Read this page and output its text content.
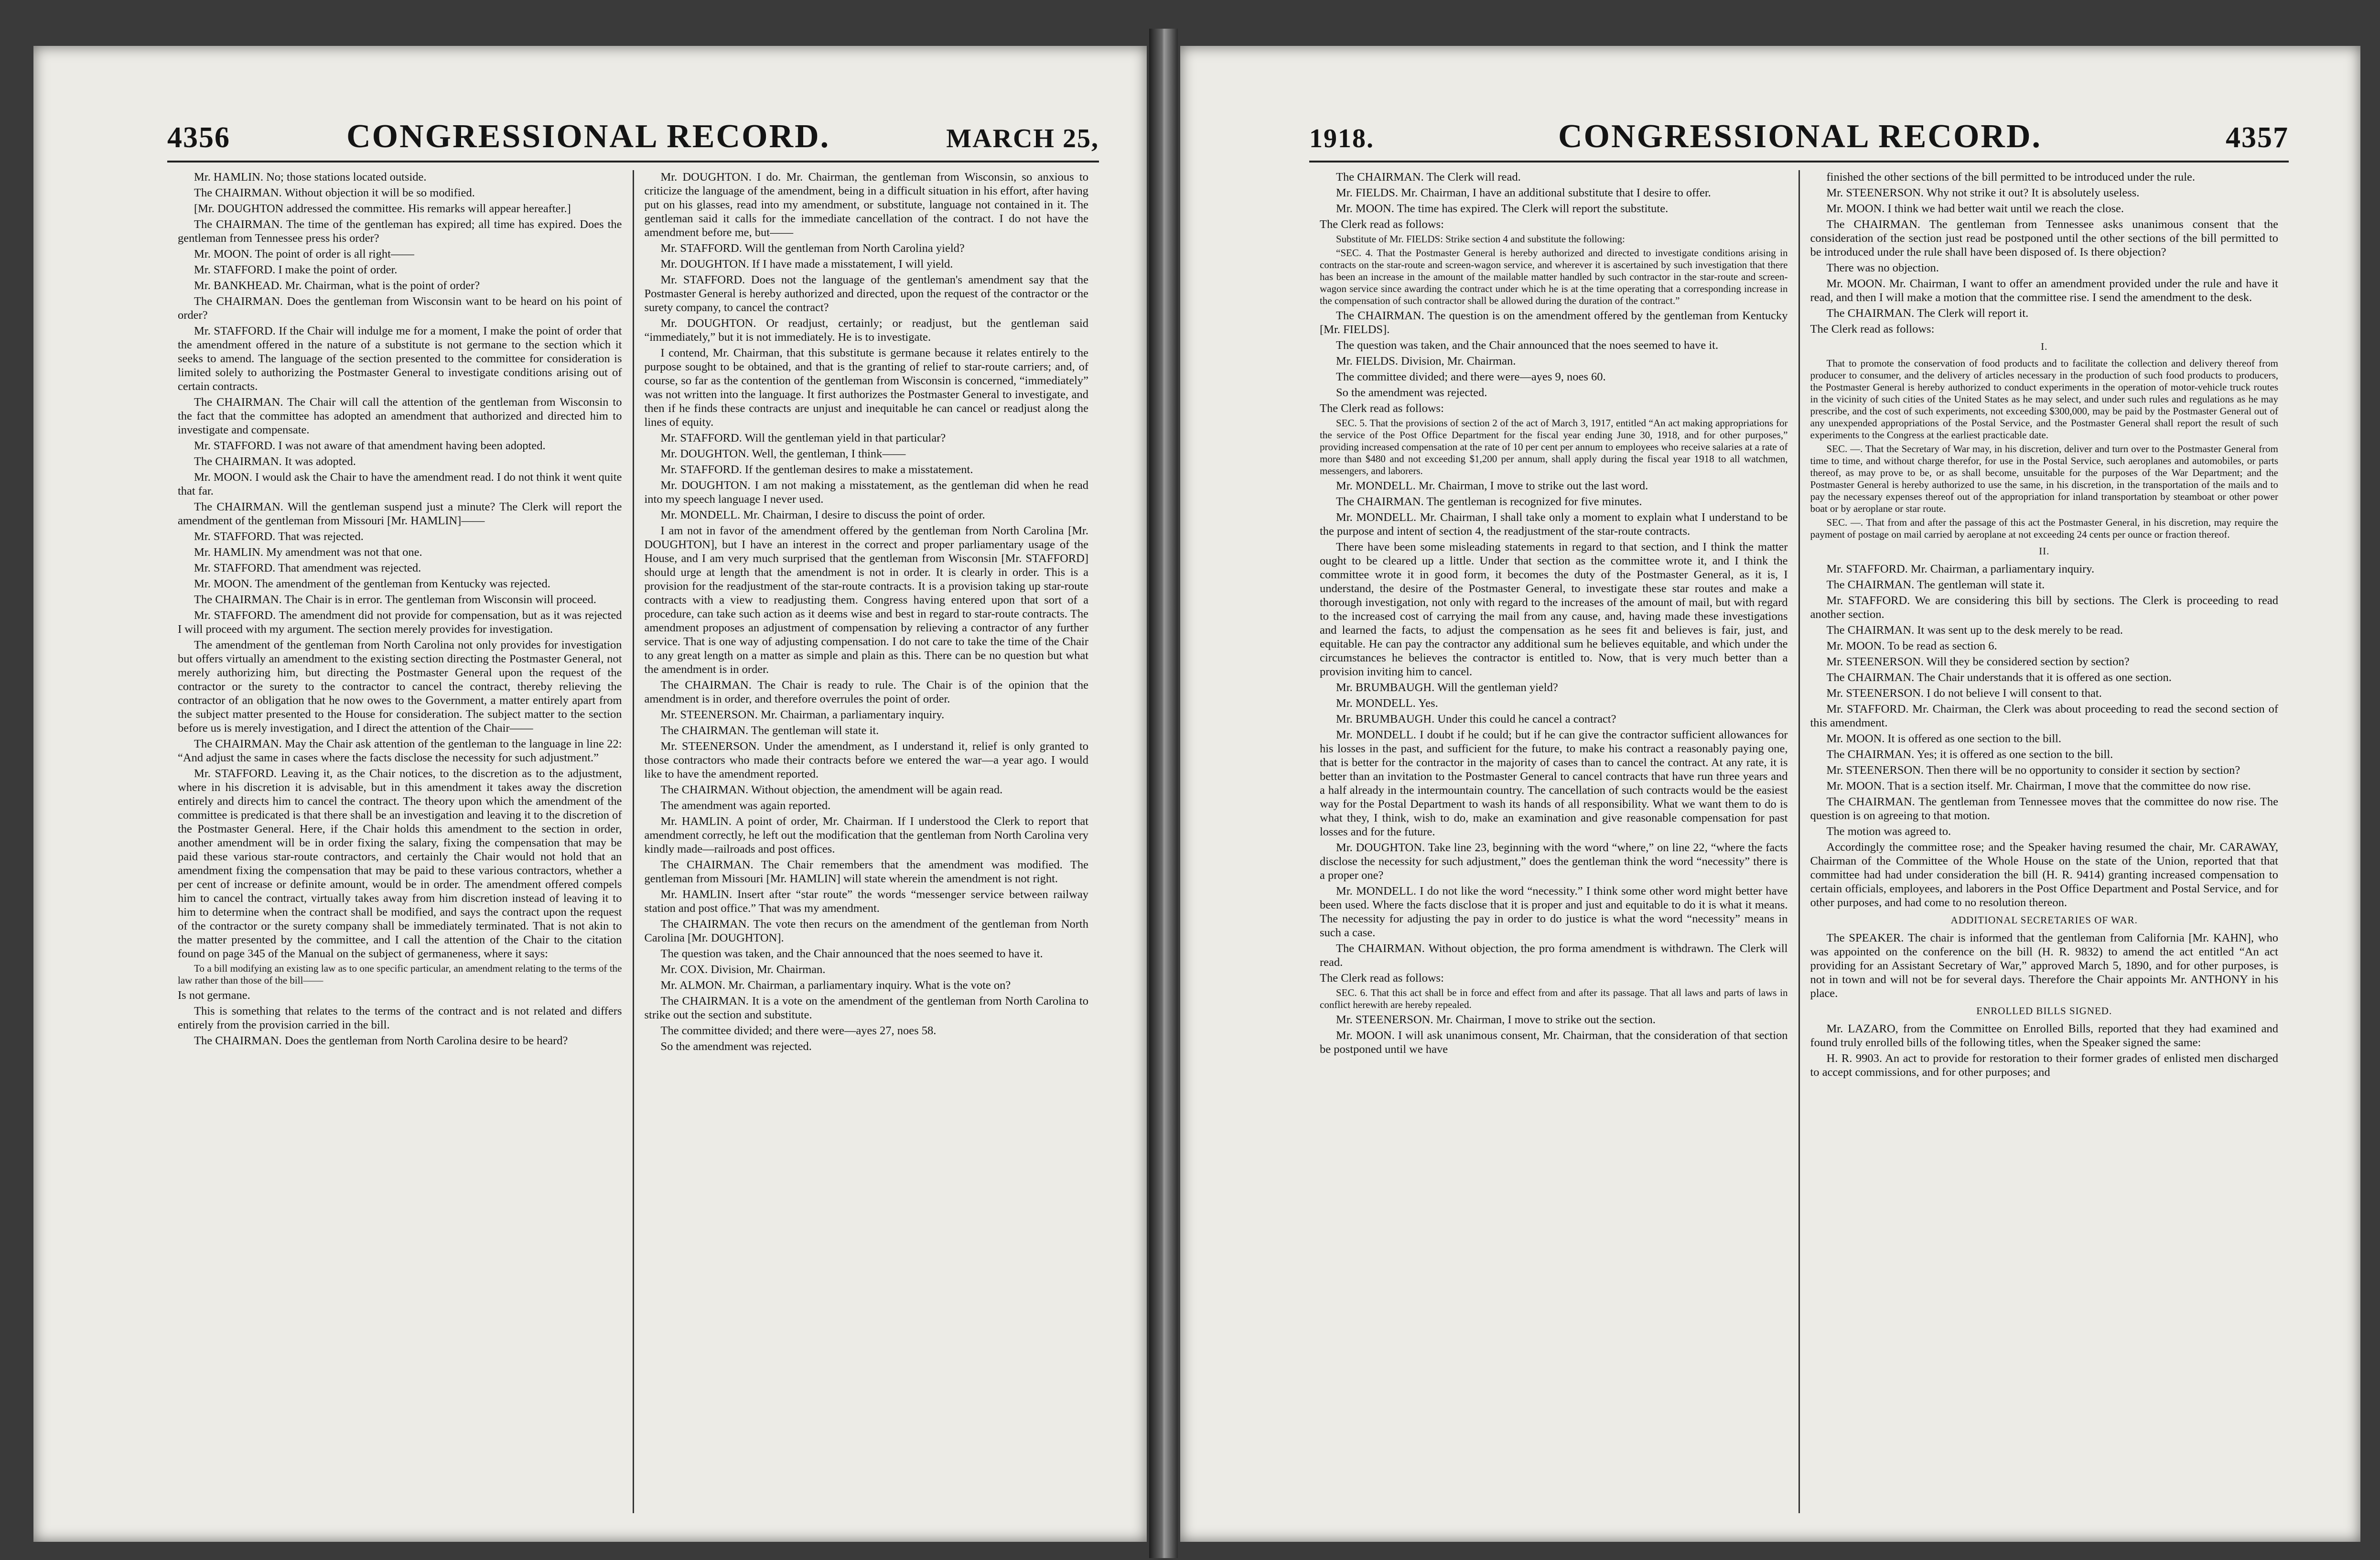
4356	CONGRESSIONAL RECORD.	MARCH 25,

Mr. HAMLIN. No; those stations located outside.

The CHAIRMAN. Without objection it will be so modified.

[Mr. DOUGHTON addressed the committee. His remarks will appear hereafter.]

The CHAIRMAN. The time of the gentleman has expired; all time has expired. Does the gentleman from Tennessee press his order?

Mr. MOON. The point of order is all right——

Mr. STAFFORD. I make the point of order.

Mr. BANKHEAD. Mr. Chairman, what is the point of order?

The CHAIRMAN. Does the gentleman from Wisconsin want to be heard on his point of order?

Mr. STAFFORD. If the Chair will indulge me for a moment, I make the point of order that the amendment offered in the nature of a substitute is not germane to the section which it seeks to amend. The language of the section presented to the committee for consideration is limited solely to authorizing the Postmaster General to investigate conditions arising out of certain contracts.

The CHAIRMAN. The Chair will call the attention of the gentleman from Wisconsin to the fact that the committee has adopted an amendment that authorized and directed him to investigate and compensate.

Mr. STAFFORD. I was not aware of that amendment having been adopted.

The CHAIRMAN. It was adopted.

Mr. MOON. I would ask the Chair to have the amendment read. I do not think it went quite that far.

The CHAIRMAN. Will the gentleman suspend just a minute? The Clerk will report the amendment of the gentleman from Missouri [Mr. HAMLIN]——

Mr. STAFFORD. That was rejected.

Mr. HAMLIN. My amendment was not that one.

Mr. STAFFORD. That amendment was rejected.

Mr. MOON. The amendment of the gentleman from Kentucky was rejected.

The CHAIRMAN. The Chair is in error. The gentleman from Wisconsin will proceed.

Mr. STAFFORD. The amendment did not provide for compensation, but as it was rejected I will proceed with my argument. The section merely provides for investigation.

The amendment of the gentleman from North Carolina not only provides for investigation but offers virtually an amendment to the existing section directing the Postmaster General, not merely authorizing him, but directing the Postmaster General upon the request of the contractor or the surety to the contractor to cancel the contract, thereby relieving the contractor of an obligation that he now owes to the Government, a matter entirely apart from the subject matter presented to the House for consideration. The subject matter to the section before us is merely investigation, and I direct the attention of the Chair——

The CHAIRMAN. May the Chair ask attention of the gentleman to the language in line 22: “And adjust the same in cases where the facts disclose the necessity for such adjustment.”

Mr. STAFFORD. Leaving it, as the Chair notices, to the discretion as to the adjustment, where in his discretion it is advisable, but in this amendment it takes away the discretion entirely and directs him to cancel the contract. The theory upon which the amendment of the committee is predicated is that there shall be an investigation and leaving it to the discretion of the Postmaster General. Here, if the Chair holds this amendment to the section in order, another amendment will be in order fixing the salary, fixing the compensation that may be paid these various star-route contractors, and certainly the Chair would not hold that an amendment fixing the compensation that may be paid to these various contractors, whether a per cent of increase or definite amount, would be in order. The amendment offered compels him to cancel the contract, virtually takes away from him discretion instead of leaving it to him to determine when the contract shall be modified, and says the contract upon the request of the contractor or the surety company shall be immediately terminated. That is not akin to the matter presented by the committee, and I call the attention of the Chair to the citation found on page 345 of the Manual on the subject of germaneness, where it says:

To a bill modifying an existing law as to one specific particular, an amendment relating to the terms of the law rather than those of the bill——

Is not germane.

This is something that relates to the terms of the contract and is not related and differs entirely from the provision carried in the bill.

The CHAIRMAN. Does the gentleman from North Carolina desire to be heard?

Mr. DOUGHTON. I do. Mr. Chairman, the gentleman from Wisconsin, so anxious to criticize the language of the amendment, being in a difficult situation in his effort, after having put on his glasses, read into my amendment, or substitute, language not contained in it. The gentleman said it calls for the immediate cancellation of the contract. I do not have the amendment before me, but——

Mr. STAFFORD. Will the gentleman from North Carolina yield?

Mr. DOUGHTON. If I have made a misstatement, I will yield.

Mr. STAFFORD. Does not the language of the gentleman's amendment say that the Postmaster General is hereby authorized and directed, upon the request of the contractor or the surety company, to cancel the contract?

Mr. DOUGHTON. Or readjust, certainly; or readjust, but the gentleman said “immediately,” but it is not immediately. He is to investigate.

I contend, Mr. Chairman, that this substitute is germane because it relates entirely to the purpose sought to be obtained, and that is the granting of relief to star-route carriers; and, of course, so far as the contention of the gentleman from Wisconsin is concerned, “immediately” was not written into the language. It first authorizes the Postmaster General to investigate, and then if he finds these contracts are unjust and inequitable he can cancel or readjust along the lines of equity.

Mr. STAFFORD. Will the gentleman yield in that particular?

Mr. DOUGHTON. Well, the gentleman, I think——

Mr. STAFFORD. If the gentleman desires to make a misstatement.

Mr. DOUGHTON. I am not making a misstatement, as the gentleman did when he read into my speech language I never used.

Mr. MONDELL. Mr. Chairman, I desire to discuss the point of order.

I am not in favor of the amendment offered by the gentleman from North Carolina [Mr. DOUGHTON], but I have an interest in the correct and proper parliamentary usage of the House, and I am very much surprised that the gentleman from Wisconsin [Mr. STAFFORD] should urge at length that the amendment is not in order. It is clearly in order. This is a provision for the readjustment of the star-route contracts. It is a provision taking up star-route contracts with a view to readjusting them. Congress having entered upon that sort of a procedure, can take such action as it deems wise and best in regard to star-route contracts. The amendment proposes an adjustment of compensation by relieving a contractor of any further service. That is one way of adjusting compensation. I do not care to take the time of the Chair to any great length on a matter as simple and plain as this. There can be no question but what the amendment is in order.

The CHAIRMAN. The Chair is ready to rule. The Chair is of the opinion that the amendment is in order, and therefore overrules the point of order.

Mr. STEENERSON. Mr. Chairman, a parliamentary inquiry.

The CHAIRMAN. The gentleman will state it.

Mr. STEENERSON. Under the amendment, as I understand it, relief is only granted to those contractors who made their contracts before we entered the war—a year ago. I would like to have the amendment reported.

The CHAIRMAN. Without objection, the amendment will be again read.

The amendment was again reported.

Mr. HAMLIN. A point of order, Mr. Chairman. If I understood the Clerk to report that amendment correctly, he left out the modification that the gentleman from North Carolina very kindly made—railroads and post offices.

The CHAIRMAN. The Chair remembers that the amendment was modified. The gentleman from Missouri [Mr. HAMLIN] will state wherein the amendment is not right.

Mr. HAMLIN. Insert after “star route” the words “messenger service between railway station and post office.” That was my amendment.

The CHAIRMAN. The vote then recurs on the amendment of the gentleman from North Carolina [Mr. DOUGHTON].

The question was taken, and the Chair announced that the noes seemed to have it.

Mr. COX. Division, Mr. Chairman.

Mr. ALMON. Mr. Chairman, a parliamentary inquiry. What is the vote on?

The CHAIRMAN. It is a vote on the amendment of the gentleman from North Carolina to strike out the section and substitute.

The committee divided; and there were—ayes 27, noes 58.

So the amendment was rejected.

1918.	CONGRESSIONAL RECORD.	4357

The CHAIRMAN. The Clerk will read.

Mr. FIELDS. Mr. Chairman, I have an additional substitute that I desire to offer.

Mr. MOON. The time has expired. The Clerk will report the substitute.

The Clerk read as follows:

Substitute of Mr. FIELDS: Strike section 4 and substitute the following:

“SEC. 4. That the Postmaster General is hereby authorized and directed to investigate conditions arising in contracts on the star-route and screen-wagon service, and wherever it is ascertained by such investigation that there has been an increase in the amount of the mailable matter handled by such contractor in the star-route and screen-wagon service since awarding the contract under which he is at the time operating that a corresponding increase in the compensation of such contractor shall be allowed during the duration of the contract.”

The CHAIRMAN. The question is on the amendment offered by the gentleman from Kentucky [Mr. FIELDS].

The question was taken, and the Chair announced that the noes seemed to have it.

Mr. FIELDS. Division, Mr. Chairman.

The committee divided; and there were—ayes 9, noes 60.

So the amendment was rejected.

The Clerk read as follows:

SEC. 5. That the provisions of section 2 of the act of March 3, 1917, entitled “An act making appropriations for the service of the Post Office Department for the fiscal year ending June 30, 1918, and for other purposes,” providing increased compensation at the rate of 10 per cent per annum to employees who receive salaries at a rate of more than $480 and not exceeding $1,200 per annum, shall apply during the fiscal year 1918 to all watchmen, messengers, and laborers.

Mr. MONDELL. Mr. Chairman, I move to strike out the last word.

The CHAIRMAN. The gentleman is recognized for five minutes.

Mr. MONDELL. Mr. Chairman, I shall take only a moment to explain what I understand to be the purpose and intent of section 4, the readjustment of the star-route contracts.

There have been some misleading statements in regard to that section, and I think the matter ought to be cleared up a little. Under that section as the committee wrote it, and I think the committee wrote it in good form, it becomes the duty of the Postmaster General, as it is, I understand, the desire of the Postmaster General, to investigate these star routes and make a thorough investigation, not only with regard to the increases of the amount of mail, but with regard to the increased cost of carrying the mail from any cause, and, having made these investigations and learned the facts, to adjust the compensation as he sees fit and believes is fair, just, and equitable. He can pay the contractor any additional sum he believes equitable, and which under the circumstances he believes the contractor is entitled to. Now, that is very much better than a provision inviting him to cancel.

Mr. BRUMBAUGH. Will the gentleman yield?

Mr. MONDELL. Yes.

Mr. BRUMBAUGH. Under this could he cancel a contract?

Mr. MONDELL. I doubt if he could; but if he can give the contractor sufficient allowances for his losses in the past, and sufficient for the future, to make his contract a reasonably paying one, that is better for the contractor in the majority of cases than to cancel the contract. At any rate, it is better than an invitation to the Postmaster General to cancel contracts that have run three years and a half already in the intermountain country. The cancellation of such contracts would be the easiest way for the Postal Department to wash its hands of all responsibility. What we want them to do is what they, I think, wish to do, make an examination and give reasonable compensation for past losses and for the future.

Mr. DOUGHTON. Take line 23, beginning with the word “where,” on line 22, “where the facts disclose the necessity for such adjustment,” does the gentleman think the word “necessity” there is a proper one?

Mr. MONDELL. I do not like the word “necessity.” I think some other word might better have been used. Where the facts disclose that it is proper and just and equitable to do it is what it means. The necessity for adjusting the pay in order to do justice is what the word “necessity” means in such a case.

The CHAIRMAN. Without objection, the pro forma amendment is withdrawn. The Clerk will read.

The Clerk read as follows:

SEC. 6. That this act shall be in force and effect from and after its passage. That all laws and parts of laws in conflict herewith are hereby repealed.

Mr. STEENERSON. Mr. Chairman, I move to strike out the section.

Mr. MOON. I will ask unanimous consent, Mr. Chairman, that the consideration of that section be postponed until we have

finished the other sections of the bill permitted to be introduced under the rule.

Mr. STEENERSON. Why not strike it out? It is absolutely useless.

Mr. MOON. I think we had better wait until we reach the close.

The CHAIRMAN. The gentleman from Tennessee asks unanimous consent that the consideration of the section just read be postponed until the other sections of the bill permitted to be introduced under the rule shall have been disposed of. Is there objection?

There was no objection.

Mr. MOON. Mr. Chairman, I want to offer an amendment provided under the rule and have it read, and then I will make a motion that the committee rise. I send the amendment to the desk.

The CHAIRMAN. The Clerk will report it.

The Clerk read as follows:

I.

That to promote the conservation of food products and to facilitate the collection and delivery thereof from producer to consumer, and the delivery of articles necessary in the production of such food products to producers, the Postmaster General is hereby authorized to conduct experiments in the operation of motor-vehicle truck routes in the vicinity of such cities of the United States as he may select, and under such rules and regulations as he may prescribe, and the cost of such experiments, not exceeding $300,000, may be paid by the Postmaster General out of any unexpended appropriations of the Postal Service, and the Postmaster General shall report the result of such experiments to the Congress at the earliest practicable date.

SEC. —. That the Secretary of War may, in his discretion, deliver and turn over to the Postmaster General from time to time, and without charge therefor, for use in the Postal Service, such aeroplanes and automobiles, or parts thereof, as may prove to be, or as shall become, unsuitable for the purposes of the War Department; and the Postmaster General is hereby authorized to use the same, in his discretion, in the transportation of the mails and to pay the necessary expenses thereof out of the appropriation for inland transportation by steamboat or other power boat or by aeroplane or star route.

SEC. —. That from and after the passage of this act the Postmaster General, in his discretion, may require the payment of postage on mail carried by aeroplane at not exceeding 24 cents per ounce or fraction thereof.

II.

Mr. STAFFORD. Mr. Chairman, a parliamentary inquiry.

The CHAIRMAN. The gentleman will state it.

Mr. STAFFORD. We are considering this bill by sections. The Clerk is proceeding to read another section.

The CHAIRMAN. It was sent up to the desk merely to be read.

Mr. MOON. To be read as section 6.

Mr. STEENERSON. Will they be considered section by section?

The CHAIRMAN. The Chair understands that it is offered as one section.

Mr. STEENERSON. I do not believe I will consent to that.

Mr. STAFFORD. Mr. Chairman, the Clerk was about proceeding to read the second section of this amendment.

Mr. MOON. It is offered as one section to the bill.

The CHAIRMAN. Yes; it is offered as one section to the bill.

Mr. STEENERSON. Then there will be no opportunity to consider it section by section?

Mr. MOON. That is a section itself. Mr. Chairman, I move that the committee do now rise.

The CHAIRMAN. The gentleman from Tennessee moves that the committee do now rise. The question is on agreeing to that motion.

The motion was agreed to.

Accordingly the committee rose; and the Speaker having resumed the chair, Mr. CARAWAY, Chairman of the Committee of the Whole House on the state of the Union, reported that that committee had had under consideration the bill (H. R. 9414) granting increased compensation to certain officials, employees, and laborers in the Post Office Department and Postal Service, and for other purposes, and had come to no resolution thereon.

ADDITIONAL SECRETARIES OF WAR.

The SPEAKER. The chair is informed that the gentleman from California [Mr. KAHN], who was appointed on the conference on the bill (H. R. 9832) to amend the act entitled “An act providing for an Assistant Secretary of War,” approved March 5, 1890, and for other purposes, is not in town and will not be for several days. Therefore the Chair appoints Mr. ANTHONY in his place.

ENROLLED BILLS SIGNED.

Mr. LAZARO, from the Committee on Enrolled Bills, reported that they had examined and found truly enrolled bills of the following titles, when the Speaker signed the same:

H. R. 9903. An act to provide for restoration to their former grades of enlisted men discharged to accept commissions, and for other purposes; and
